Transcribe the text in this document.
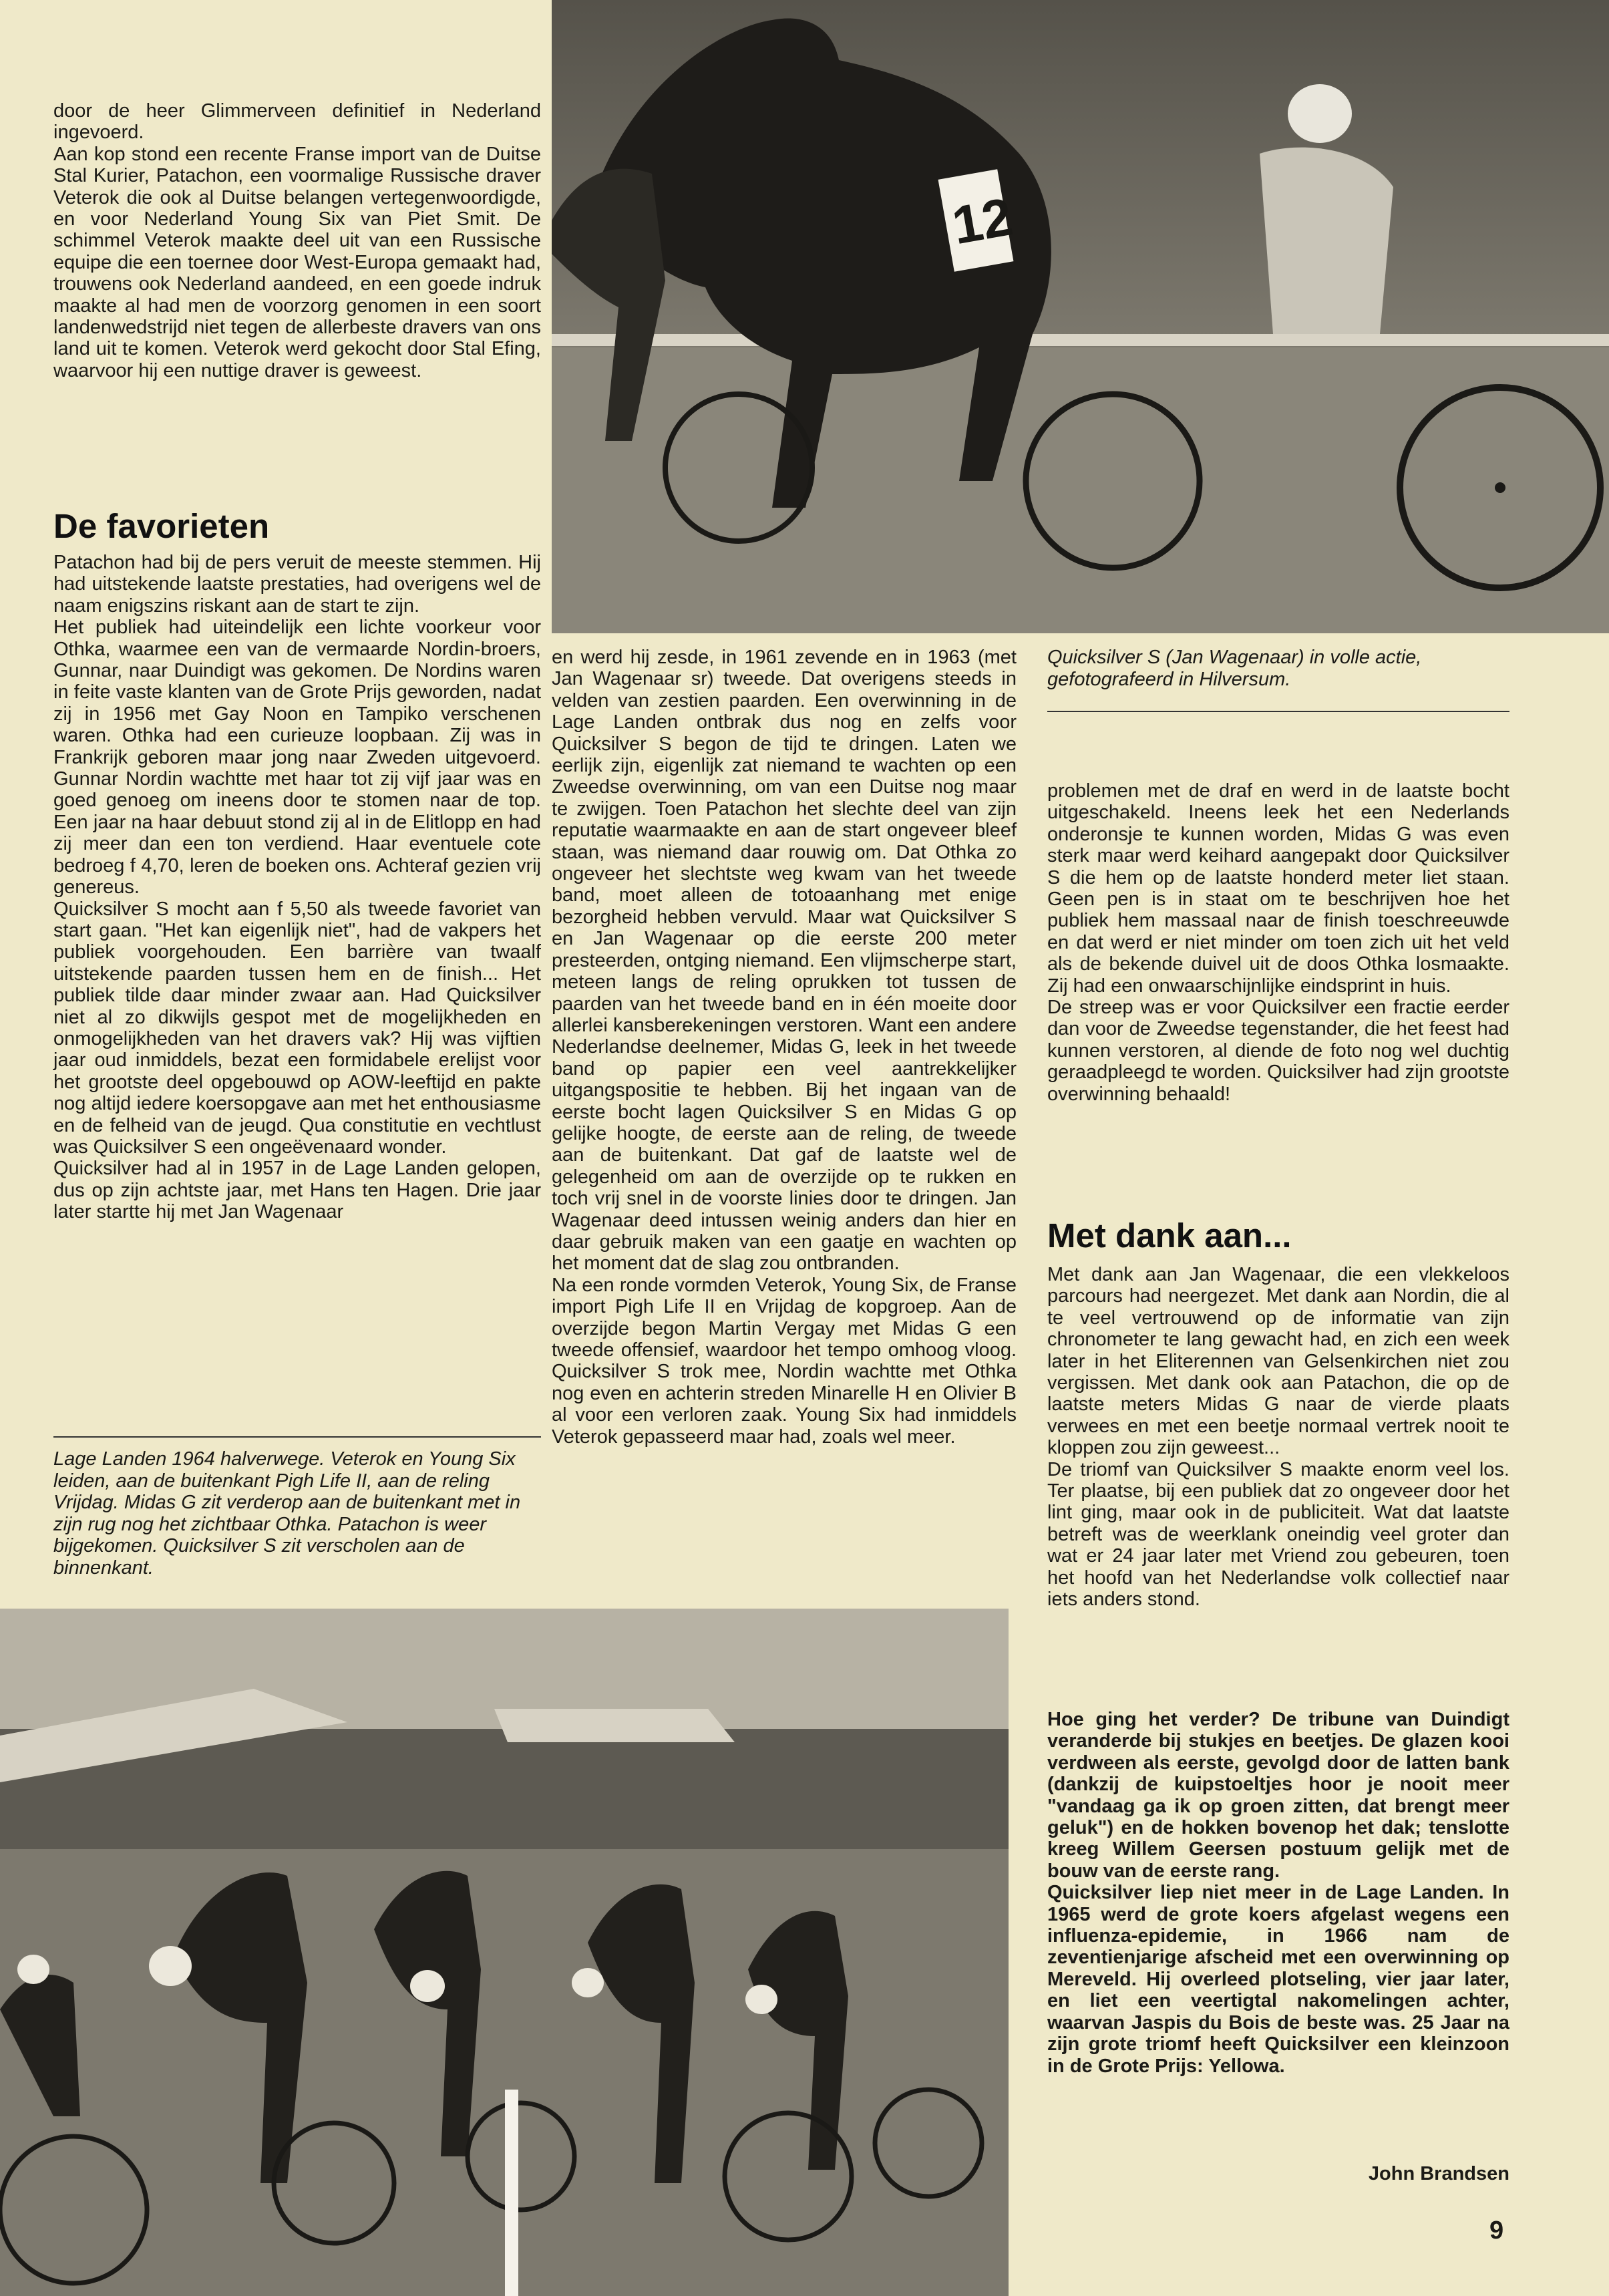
12

door de heer Glimmerveen definitief in Nederland ingevoerd.

Aan kop stond een recente Franse import van de Duitse Stal Kurier, Patachon, een voormalige Russische draver Veterok die ook al Duitse belangen vertegenwoordigde, en voor Nederland Young Six van Piet Smit. De schimmel Veterok maakte deel uit van een Russische equipe die een toernee door West-Europa gemaakt had, trouwens ook Nederland aandeed, en een goede indruk maakte al had men de voorzorg genomen in een soort landenwedstrijd niet tegen de allerbeste dravers van ons land uit te komen. Veterok werd gekocht door Stal Efing, waarvoor hij een nuttige draver is geweest.

De favorieten

Patachon had bij de pers veruit de meeste stemmen. Hij had uitstekende laatste prestaties, had overigens wel de naam enigszins riskant aan de start te zijn.

Het publiek had uiteindelijk een lichte voorkeur voor Othka, waarmee een van de vermaarde Nordin-broers, Gunnar, naar Duindigt was gekomen. De Nordins waren in feite vaste klanten van de Grote Prijs geworden, nadat zij in 1956 met Gay Noon en Tampiko verschenen waren. Othka had een curieuze loopbaan. Zij was in Frankrijk geboren maar jong naar Zweden uitgevoerd. Gunnar Nordin wachtte met haar tot zij vijf jaar was en goed genoeg om ineens door te stomen naar de top. Een jaar na haar debuut stond zij al in de Elitlopp en had zij meer dan een ton verdiend. Haar eventuele cote bedroeg f 4,70, leren de boeken ons. Achteraf gezien vrij genereus.

Quicksilver S mocht aan f 5,50 als tweede favoriet van start gaan. "Het kan eigenlijk niet", had de vakpers het publiek voorgehouden. Een barrière van twaalf uitstekende paarden tussen hem en de finish... Het publiek tilde daar minder zwaar aan. Had Quicksilver niet al zo dikwijls gespot met de mogelijkheden en onmogelijkheden van het dravers vak? Hij was vijftien jaar oud inmiddels, bezat een formidabele erelijst voor het grootste deel opgebouwd op AOW-leeftijd en pakte nog altijd iedere koersopgave aan met het enthousiasme en de felheid van de jeugd. Qua constitutie en vechtlust was Quicksilver S een ongeëvenaard wonder.

Quicksilver had al in 1957 in de Lage Landen gelopen, dus op zijn achtste jaar, met Hans ten Hagen. Drie jaar later startte hij met Jan Wagenaar

Lage Landen 1964 halverwege. Veterok en Young Six leiden, aan de buitenkant Pigh Life II, aan de reling Vrijdag. Midas G zit verderop aan de buitenkant met in zijn rug nog het zichtbaar Othka. Patachon is weer bijgekomen. Quicksilver S zit verscholen aan de binnenkant.

en werd hij zesde, in 1961 zevende en in 1963 (met Jan Wagenaar sr) tweede. Dat overigens steeds in velden van zestien paarden. Een overwinning in de Lage Landen ontbrak dus nog en zelfs voor Quicksilver S begon de tijd te dringen. Laten we eerlijk zijn, eigenlijk zat niemand te wachten op een Zweedse overwinning, om van een Duitse nog maar te zwijgen. Toen Patachon het slechte deel van zijn reputatie waarmaakte en aan de start ongeveer bleef staan, was niemand daar rouwig om. Dat Othka zo ongeveer het slechtste weg kwam van het tweede band, moet alleen de totoaanhang met enige bezorgheid hebben vervuld. Maar wat Quicksilver S en Jan Wagenaar op die eerste 200 meter presteerden, ontging niemand. Een vlijmscherpe start, meteen langs de reling oprukken tot tussen de paarden van het tweede band en in één moeite door allerlei kansberekeningen verstoren. Want een andere Nederlandse deelnemer, Midas G, leek in het tweede band op papier een veel aantrekkelijker uitgangspositie te hebben. Bij het ingaan van de eerste bocht lagen Quicksilver S en Midas G op gelijke hoogte, de eerste aan de reling, de tweede aan de buitenkant. Dat gaf de laatste wel de gelegenheid om aan de overzijde op te rukken en toch vrij snel in de voorste linies door te dringen. Jan Wagenaar deed intussen weinig anders dan hier en daar gebruik maken van een gaatje en wachten op het moment dat de slag zou ontbranden.

Na een ronde vormden Veterok, Young Six, de Franse import Pigh Life II en Vrijdag de kopgroep. Aan de overzijde begon Martin Vergay met Midas G een tweede offensief, waardoor het tempo omhoog vloog. Quicksilver S trok mee, Nordin wachtte met Othka nog even en achterin streden Minarelle H en Olivier B al voor een verloren zaak. Young Six had inmiddels Veterok gepasseerd maar had, zoals wel meer.

Quicksilver S (Jan Wagenaar) in volle actie, gefotografeerd in Hilversum.

problemen met de draf en werd in de laatste bocht uitgeschakeld. Ineens leek het een Nederlands onderonsje te kunnen worden, Midas G was even sterk maar werd keihard aangepakt door Quicksilver S die hem op de laatste honderd meter liet staan. Geen pen is in staat om te beschrijven hoe het publiek hem massaal naar de finish toeschreeuwde en dat werd er niet minder om toen zich uit het veld als de bekende duivel uit de doos Othka losmaakte. Zij had een onwaarschijnlijke eindsprint in huis.

De streep was er voor Quicksilver een fractie eerder dan voor de Zweedse tegenstander, die het feest had kunnen verstoren, al diende de foto nog wel duchtig geraadpleegd te worden. Quicksilver had zijn grootste overwinning behaald!

Met dank aan...

Met dank aan Jan Wagenaar, die een vlekkeloos parcours had neergezet. Met dank aan Nordin, die al te veel vertrouwend op de informatie van zijn chronometer te lang gewacht had, en zich een week later in het Eliterennen van Gelsenkirchen niet zou vergissen. Met dank ook aan Patachon, die op de laatste meters Midas G naar de vierde plaats verwees en met een beetje normaal vertrek nooit te kloppen zou zijn geweest...

De triomf van Quicksilver S maakte enorm veel los. Ter plaatse, bij een publiek dat zo ongeveer door het lint ging, maar ook in de publiciteit. Wat dat laatste betreft was de weerklank oneindig veel groter dan wat er 24 jaar later met Vriend zou gebeuren, toen het hoofd van het Nederlandse volk collectief naar iets anders stond.

Hoe ging het verder? De tribune van Duindigt veranderde bij stukjes en beetjes. De glazen kooi verdween als eerste, gevolgd door de latten bank (dankzij de kuipstoeltjes hoor je nooit meer "vandaag ga ik op groen zitten, dat brengt meer geluk") en de hokken bovenop het dak; tenslotte kreeg Willem Geersen postuum gelijk met de bouw van de eerste rang.

Quicksilver liep niet meer in de Lage Landen. In 1965 werd de grote koers afgelast wegens een influenza-epidemie, in 1966 nam de zeventienjarige afscheid met een overwinning op Mereveld. Hij overleed plotseling, vier jaar later, en liet een veertigtal nakomelingen achter, waarvan Jaspis du Bois de beste was. 25 Jaar na zijn grote triomf heeft Quicksilver een kleinzoon in de Grote Prijs: Yellowa.

John Brandsen
9
